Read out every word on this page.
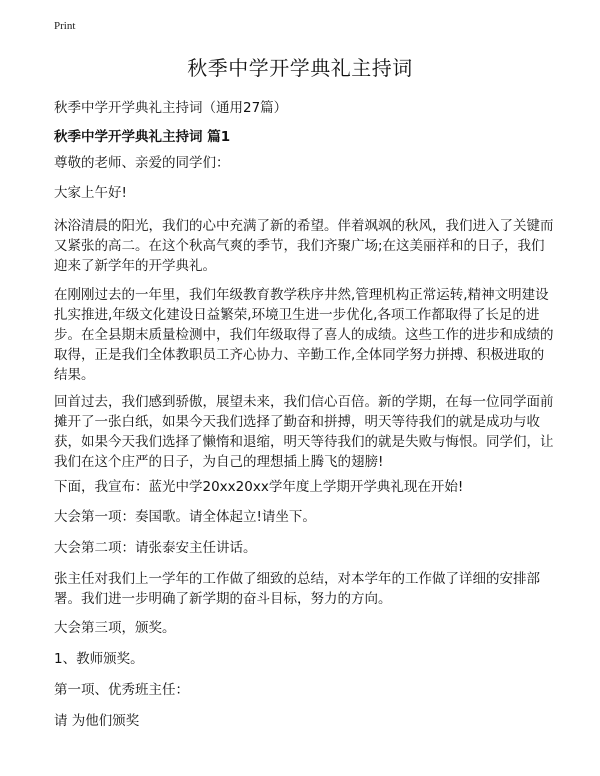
Print
秋季中学开学典礼主持词
秋季中学开学典礼主持词（通用27篇）
秋季中学开学典礼主持词 篇1

尊敬的老师、亲爱的同学们：

大家上午好!

沐浴清晨的阳光，我们的心中充满了新的希望。伴着飒飒的秋风，我们进入了关键而又紧张的高二。在这个秋高气爽的季节，我们齐聚广场;在这美丽祥和的日子，我们迎来了新学年的开学典礼。

在刚刚过去的一年里，我们年级教育教学秩序井然,管理机构正常运转,精神文明建设扎实推进,年级文化建设日益繁荣,环境卫生进一步优化,各项工作都取得了长足的进步。在全县期末质量检测中，我们年级取得了喜人的成绩。这些工作的进步和成绩的取得，正是我们全体教职员工齐心协力、辛勤工作,全体同学努力拼搏、积极进取的结果。

回首过去，我们感到骄傲，展望未来，我们信心百倍。新的学期，在每一位同学面前摊开了一张白纸，如果今天我们选择了勤奋和拼搏，明天等待我们的就是成功与收获，如果今天我们选择了懒惰和退缩，明天等待我们的就是失败与悔恨。同学们，让我们在这个庄严的日子，为自己的理想插上腾飞的翅膀!

下面，我宣布：蓝光中学20xx20xx学年度上学期开学典礼现在开始!

大会第一项：奏国歌。请全体起立!请坐下。

大会第二项：请张泰安主任讲话。

张主任对我们上一学年的工作做了细致的总结，对本学年的工作做了详细的安排部署。我们进一步明确了新学期的奋斗目标，努力的方向。

大会第三项，颁奖。

1、教师颁奖。

第一项、优秀班主任：

请 为他们颁奖
